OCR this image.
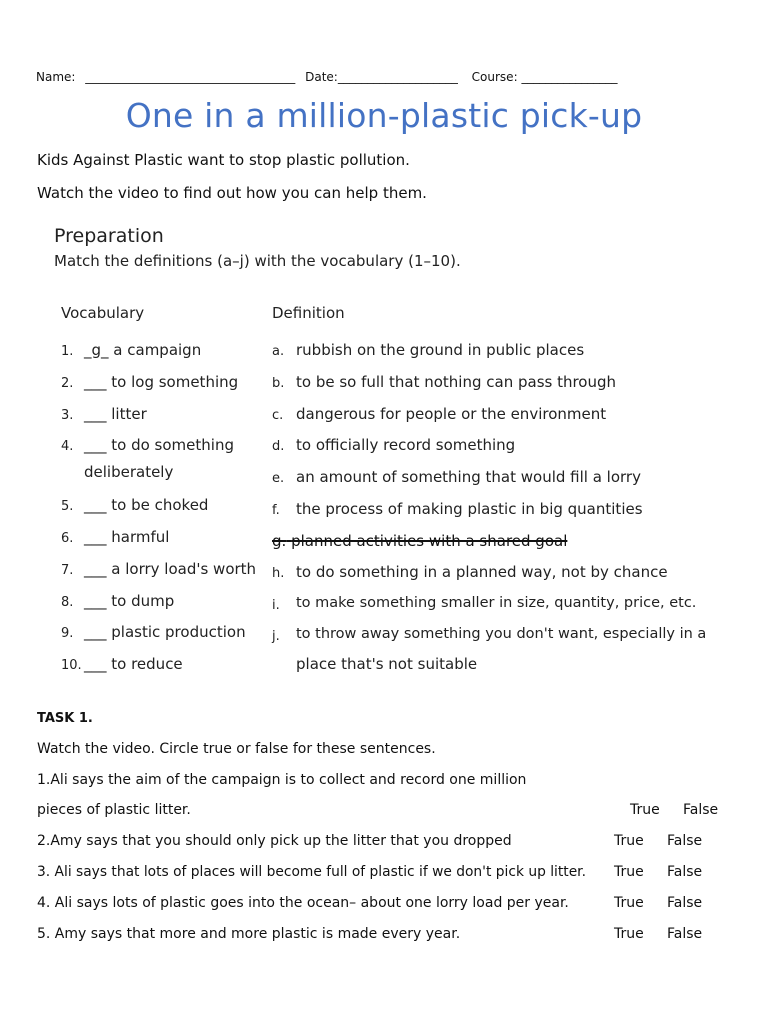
Name: ___________________________________ Date:____________________ Course: ________________
One in a million-plastic pick-up
Kids Against Plastic want to stop plastic pollution.
Watch the video to find out how you can help them.
Preparation
Match the definitions (a–j) with the vocabulary (1–10).
Vocabulary	Definition
1. _g_ a campaign
2. ___ to log something
3. ___ litter
4. ___ to do something
deliberately
5. ___ to be choked
6. ___ harmful
7. ___ a lorry load's worth
8. ___ to dump
9. ___ plastic production
10. ___ to reduce
a. rubbish on the ground in public places
b. to be so full that nothing can pass through
c. dangerous for people or the environment
d. to officially record something
e. an amount of something that would fill a lorry
f. the process of making plastic in big quantities
g. planned activities with a shared goal
h. to do something in a planned way, not by chance
i. to make something smaller in size, quantity, price, etc.
j. to throw away something you don't want, especially in a
place that's not suitable
TASK 1.
Watch the video. Circle true or false for these sentences.
1.Ali says the aim of the campaign is to collect and record one million
pieces of plastic litter.	True False
2.Amy says that you should only pick up the litter that you dropped	True False
3. Ali says that lots of places will become full of plastic if we don't pick up litter. True False
4. Ali says lots of plastic goes into the ocean– about one lorry load per year.	True False
5. Amy says that more and more plastic is made every year.	True False
